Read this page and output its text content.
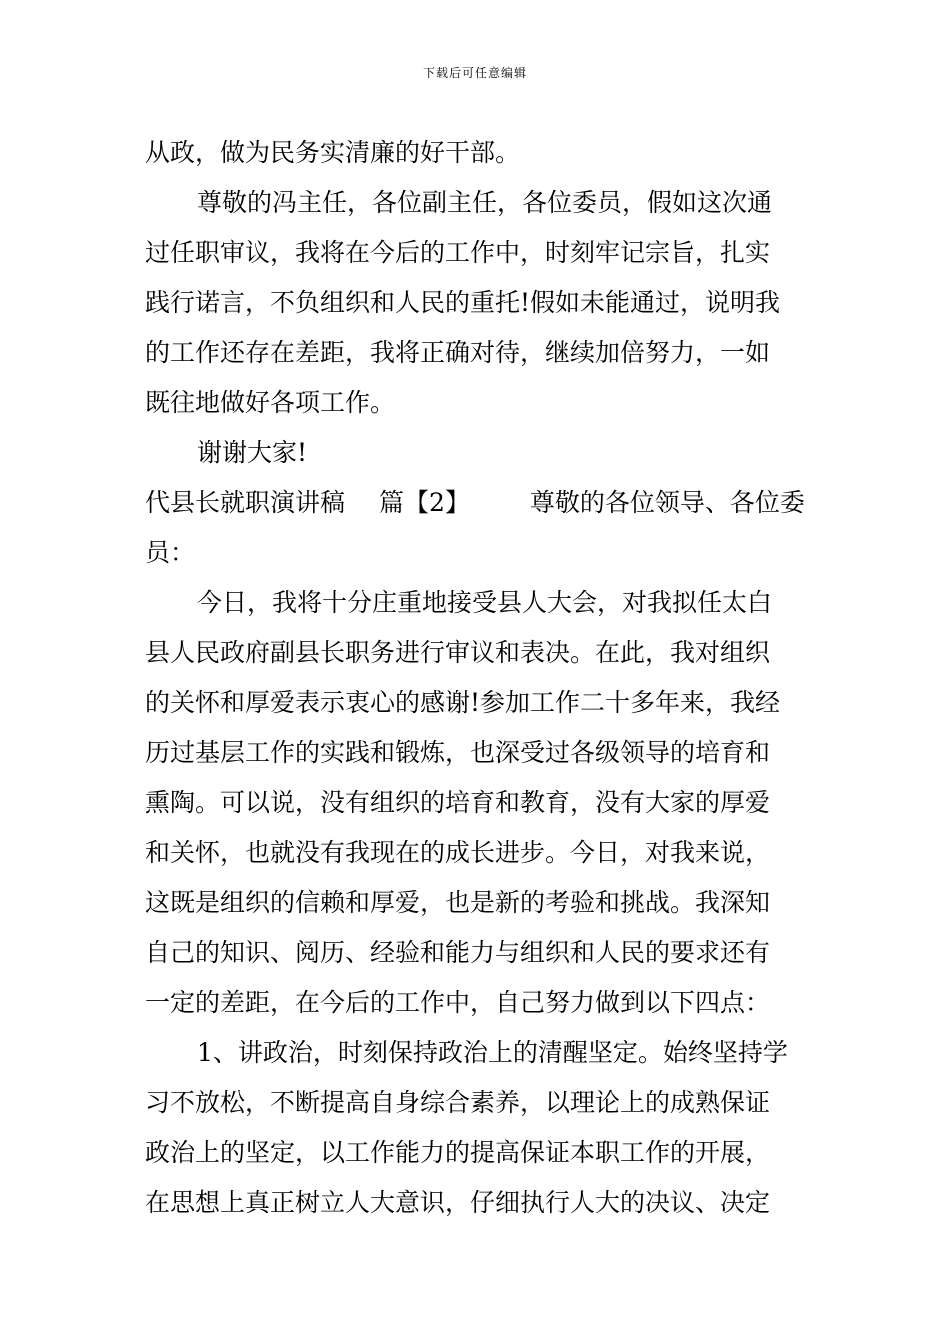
下载后可任意编辑
从政，做为民务实清廉的好干部。
尊敬的冯主任，各位副主任，各位委员，假如这次通
过任职审议，我将在今后的工作中，时刻牢记宗旨，扎实
践行诺言，不负组织和人民的重托!假如未能通过，说明我
的工作还存在差距，我将正确对待，继续加倍努力，一如
既往地做好各项工作。
谢谢大家!
代县长就职演讲稿 篇【2】 尊敬的各位领导、各位委
员：
今日，我将十分庄重地接受县人大会，对我拟任太白
县人民政府副县长职务进行审议和表决。在此，我对组织
的关怀和厚爱表示衷心的感谢!参加工作二十多年来，我经
历过基层工作的实践和锻炼，也深受过各级领导的培育和
熏陶。可以说，没有组织的培育和教育，没有大家的厚爱
和关怀，也就没有我现在的成长进步。今日，对我来说，
这既是组织的信赖和厚爱，也是新的考验和挑战。我深知
自己的知识、阅历、经验和能力与组织和人民的要求还有
一定的差距，在今后的工作中，自己努力做到以下四点：
1、讲政治，时刻保持政治上的清醒坚定。始终坚持学
习不放松，不断提高自身综合素养，以理论上的成熟保证
政治上的坚定，以工作能力的提高保证本职工作的开展，
在思想上真正树立人大意识，仔细执行人大的决议、决定
